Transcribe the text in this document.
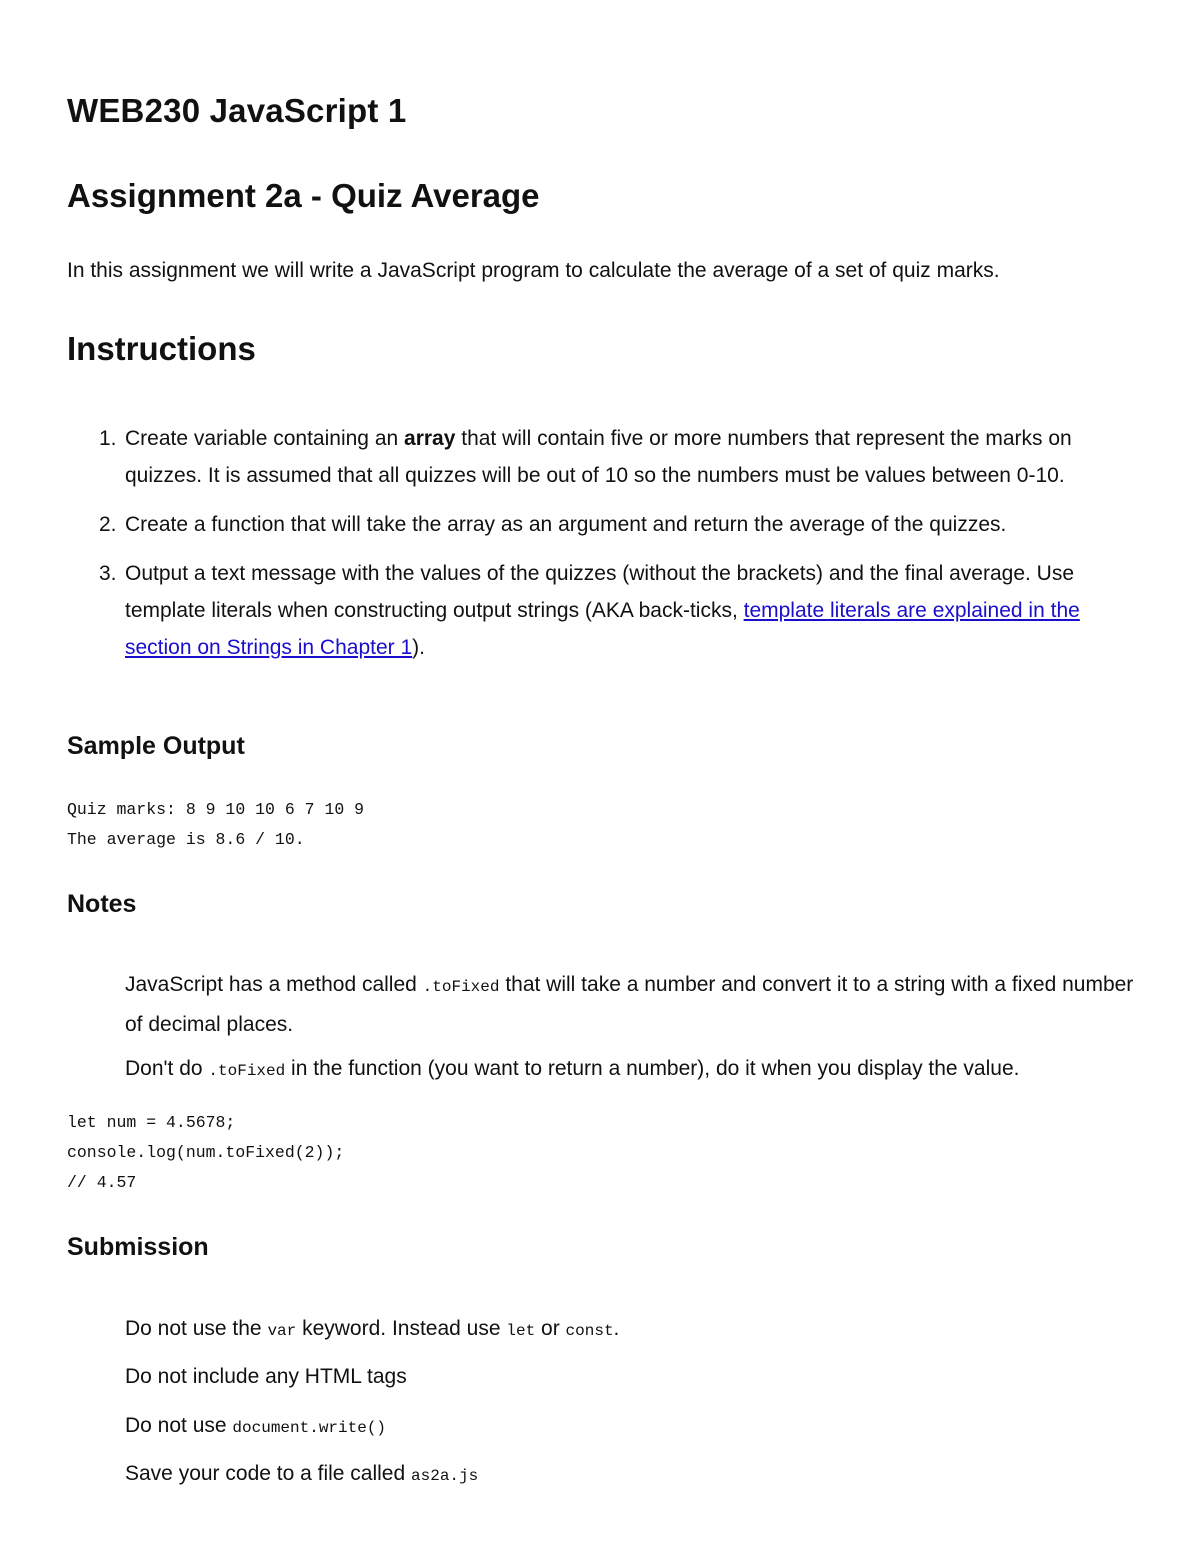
WEB230 JavaScript 1
Assignment 2a - Quiz Average

In this assignment we will write a JavaScript program to calculate the average of a set of quiz marks.

Instructions
1. Create variable containing an array that will contain five or more numbers that represent the marks on quizzes. It is assumed that all quizzes will be out of 10 so the numbers must be values between 0-10.
2. Create a function that will take the array as an argument and return the average of the quizzes.
3. Output a text message with the values of the quizzes (without the brackets) and the final average. Use template literals when constructing output strings (AKA back-ticks, template literals are explained in the section on Strings in Chapter 1).
Sample Output
Quiz marks: 8 9 10 10 6 7 10 9
The average is 8.6 / 10.
Notes

JavaScript has a method called .toFixed that will take a number and convert it to a string with a fixed number of decimal places.

Don't do .toFixed in the function (you want to return a number), do it when you display the value.

let num = 4.5678;
console.log(num.toFixed(2));
// 4.57
Submission

Do not use the var keyword. Instead use let or const.

Do not include any HTML tags

Do not use document.write()

Save your code to a file called as2a.js
